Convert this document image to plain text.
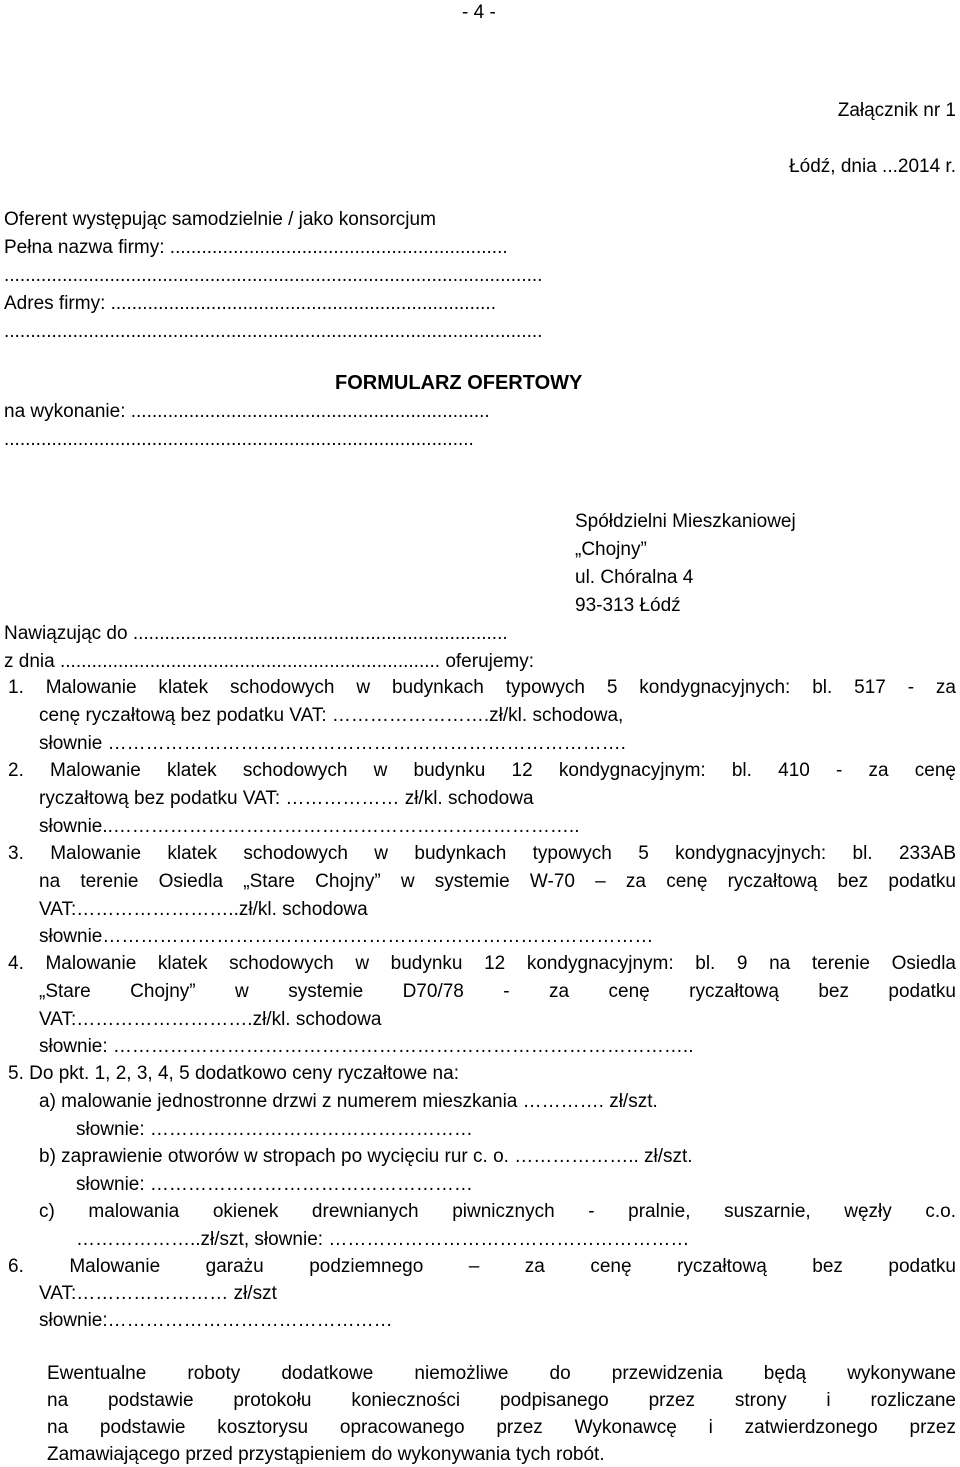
- 4 -
Załącznik nr 1
Łódź, dnia ...2014 r.
Oferent występując samodzielnie / jako konsorcjum
Pełna nazwa firmy: ................................................................
......................................................................................................
Adres firmy: .........................................................................
......................................................................................................
FORMULARZ OFERTOWY
na wykonanie: ....................................................................
.........................................................................................
Spółdzielni Mieszkaniowej
„Chojny”
ul. Chóralna 4
93-313 Łódź
Nawiązując do .......................................................................
z dnia ........................................................................ oferujemy:
1. Malowanie klatek schodowych w budynkach typowych 5 kondygnacyjnych: bl. 517 - za
cenę ryczałtową bez podatku VAT: …………………….zł/kl. schodowa,
słownie ……………………………………………………………………….
2. Malowanie klatek schodowych w budynku 12 kondygnacyjnym: bl. 410 - za cenę
ryczałtową bez podatku VAT: ……………… zł/kl. schodowa
słownie..………………………………………………………………..
3. Malowanie klatek schodowych w budynkach typowych 5 kondygnacyjnych: bl. 233AB
na terenie Osiedla „Stare Chojny” w systemie W-70 – za cenę ryczałtową bez podatku
VAT:……………………..zł/kl. schodowa
słownie……………………………………………………………………………
4. Malowanie klatek schodowych w budynku 12 kondygnacyjnym: bl. 9 na terenie Osiedla
„Stare Chojny” w systemie D70/78 - za cenę ryczałtową bez podatku
VAT:……………………….zł/kl. schodowa
słownie: ………………………………………………………………………………..
5. Do pkt. 1, 2, 3, 4, 5 dodatkowo ceny ryczałtowe na:
a) malowanie jednostronne drzwi z numerem mieszkania …………. zł/szt.
słownie: ……………………………………………
b) zaprawienie otworów w stropach po wycięciu rur c. o. ……………….. zł/szt.
słownie: ……………………………………………
c) malowania okienek drewnianych piwnicznych - pralnie, suszarnie, węzły c.o.
………………..zł/szt, słownie: …………………………………………………
6. Malowanie garażu podziemnego – za cenę ryczałtową bez podatku
VAT:…………………… zł/szt
słownie:………………………………………
Ewentualne roboty dodatkowe niemożliwe do przewidzenia będą wykonywane
na podstawie protokołu konieczności podpisanego przez strony i rozliczane
na podstawie kosztorysu opracowanego przez Wykonawcę i zatwierdzonego przez
Zamawiającego przed przystąpieniem do wykonywania tych robót.
